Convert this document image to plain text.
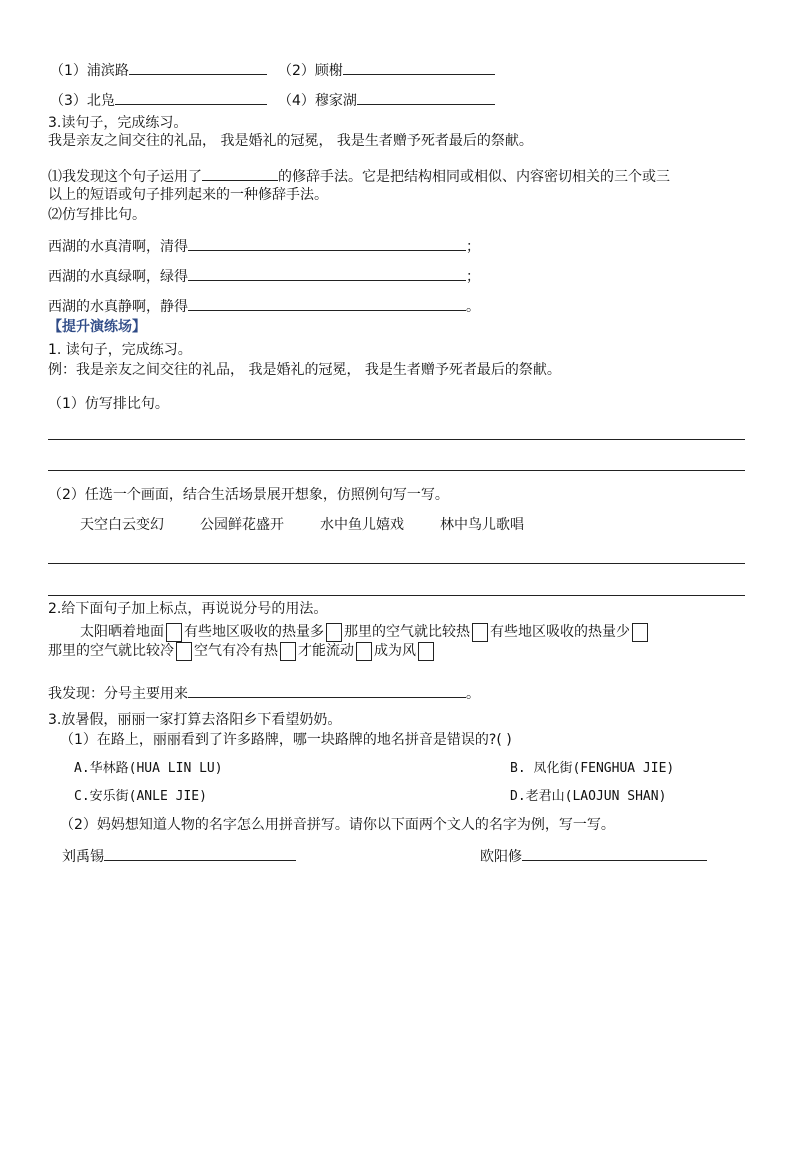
（1）浦滨路	（2）顾榭
（3）北凫	（4）穆家湖
3.读句子，完成练习。
我是亲友之间交往的礼品， 我是婚礼的冠冕， 我是生者赠予死者最后的祭献。
⑴我发现这个句子运用了	的修辞手法。它是把结构相同或相似、内容密切相关的三个或三
以上的短语或句子排列起来的一种修辞手法。
⑵仿写排比句。
西湖的水真清啊，清得	；
西湖的水真绿啊，绿得	；
西湖的水真静啊，静得	。
【提升演练场】
1. 读句子，完成练习。
例：我是亲友之间交往的礼品， 我是婚礼的冠冕， 我是生者赠予死者最后的祭献。
（1）仿写排比句。
（2）任选一个画面，结合生活场景展开想象，仿照例句写一写。
天空白云变幻	公园鲜花盛开	水中鱼儿嬉戏	林中鸟儿歌唱
2.给下面句子加上标点，再说说分号的用法。
太阳晒着地面 有些地区吸收的热量多 那里的空气就比较热 有些地区吸收的热量少
那里的空气就比较冷 空气有冷有热 才能流动 成为风
我发现：分号主要用来	。
3.放暑假，丽丽一家打算去洛阳乡下看望奶奶。
（1）在路上，丽丽看到了许多路牌，哪一块路牌的地名拼音是错误的?( )
A.华林路(HUA LIN LU)	B. 凤化街(FENGHUA JIE)
C.安乐街(ANLE JIE)	D.老君山(LAOJUN SHAN)
（2）妈妈想知道人物的名字怎么用拼音拼写。请你以下面两个文人的名字为例，写一写。
刘禹锡	欧阳修
